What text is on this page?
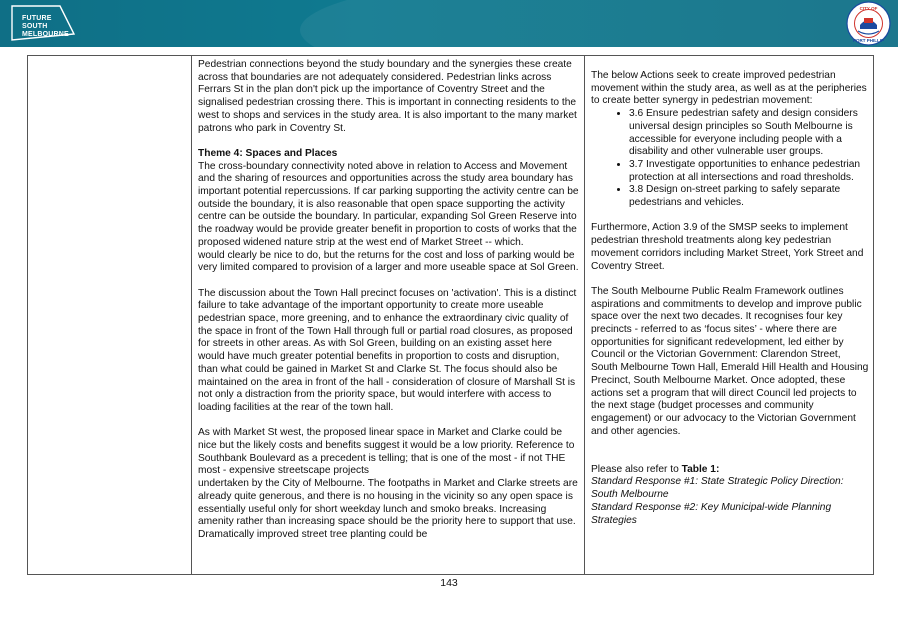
FUTURE
SOUTH
MELBOURNE
CITY OF
PORT PHILLIP

Pedestrian connections beyond the study boundary and the synergies these create across that boundaries are not adequately considered. Pedestrian links across Ferrars St in the plan don't pick up the importance of Coventry Street and the signalised pedestrian crossing there. This is important in connecting residents to the west to shops and services in the study area. It is also important to the many market patrons who park in Coventry St.

Theme 4: Spaces and Places

The cross-boundary connectivity noted above in relation to Access and Movement and the sharing of resources and opportunities across the study area boundary has important potential repercussions. If car parking supporting the activity centre can be outside the boundary, it is also reasonable that open space supporting the activity centre can be outside the boundary. In particular, expanding Sol Green Reserve into the roadway would be provide greater benefit in proportion to costs of works that the proposed widened nature strip at the west end of Market Street -- which.

would clearly be nice to do, but the returns for the cost and loss of parking would be very limited compared to provision of a larger and more useable space at Sol Green.

The discussion about the Town Hall precinct focuses on 'activation'. This is a distinct failure to take advantage of the important opportunity to create more useable pedestrian space, more greening, and to enhance the extraordinary civic quality of the space in front of the Town Hall through full or partial road closures, as proposed for streets in other areas. As with Sol Green, building on an existing asset here would have much greater potential benefits in proportion to costs and disruption, than what could be gained in Market St and Clarke St. The focus should also be maintained on the area in front of the hall - consideration of closure of Marshall St is not only a distraction from the priority space, but would interfere with access to loading facilities at the rear of the town hall.

As with Market St west, the proposed linear space in Market and Clarke could be nice but the likely costs and benefits suggest it would be a low priority. Reference to Southbank Boulevard as a precedent is telling; that is one of the most - if not THE most - expensive streetscape projects

undertaken by the City of Melbourne. The footpaths in Market and Clarke streets are already quite generous, and there is no housing in the vicinity so any open space is essentially useful only for short weekday lunch and smoko breaks. Increasing amenity rather than increasing space should be the priority here to support that use. Dramatically improved street tree planting could be

The below Actions seek to create improved pedestrian movement within the study area, as well as at the peripheries to create better synergy in pedestrian movement:

• 3.6 Ensure pedestrian safety and design considers universal design principles so South Melbourne is accessible for everyone including people with a disability and other vulnerable user groups.
• 3.7 Investigate opportunities to enhance pedestrian protection at all intersections and road thresholds.
• 3.8 Design on-street parking to safely separate pedestrians and vehicles.

Furthermore, Action 3.9 of the SMSP seeks to implement pedestrian threshold treatments along key pedestrian movement corridors including Market Street, York Street and Coventry Street.

The South Melbourne Public Realm Framework outlines aspirations and commitments to develop and improve public space over the next two decades. It recognises four key precincts - referred to as ‘focus sites’ - where there are opportunities for significant redevelopment, led either by Council or the Victorian Government: Clarendon Street, South Melbourne Town Hall, Emerald Hill Health and Housing Precinct, South Melbourne Market. Once adopted, these actions set a program that will direct Council led projects to the next stage (budget processes and community engagement) or our advocacy to the Victorian Government and other agencies.

Please also refer to Table 1:

Standard Response #1: State Strategic Policy Direction: South Melbourne

Standard Response #2: Key Municipal-wide Planning Strategies

143
